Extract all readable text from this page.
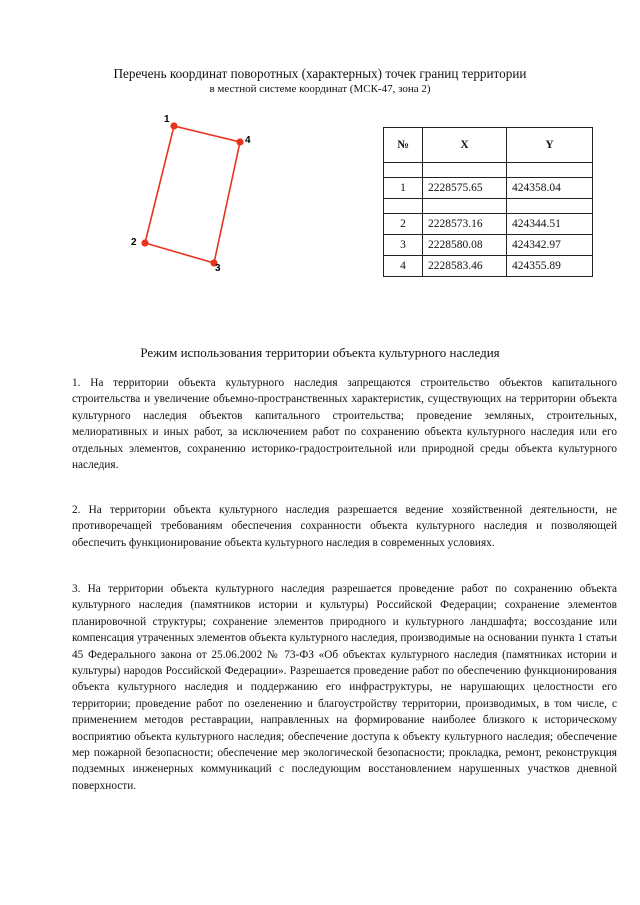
Перечень координат поворотных (характерных) точек границ территории
в местной системе координат (МСК-47, зона 2)
1
2
3
4	№	X	Y

1	2228575.65	424358.04

2	2228573.16	424344.51
3	2228580.08	424342.97
4	2228583.46	424355.89
Режим использования территории объекта культурного наследия

1. На территории объекта культурного наследия запрещаются строительство объектов капитального строительства и увеличение объемно-пространственных характеристик, существующих на территории объекта культурного наследия объектов капитального строительства; проведение земляных, строительных, мелиоративных и иных работ, за исключением работ по сохранению объекта культурного наследия или его отдельных элементов, сохранению историко-градостроительной или природной среды объекта культурного наследия.

2. На территории объекта культурного наследия разрешается ведение хозяйственной деятельности, не противоречащей требованиям обеспечения сохранности объекта культурного наследия и позволяющей обеспечить функционирование объекта культурного наследия в современных условиях.

3. На территории объекта культурного наследия разрешается проведение работ по сохранению объекта культурного наследия (памятников истории и культуры) Российской Федерации; сохранение элементов планировочной структуры; сохранение элементов природного и культурного ландшафта; воссоздание или компенсация утраченных элементов объекта культурного наследия, производимые на основании пункта 1 статьи 45 Федерального закона от 25.06.2002 № 73-ФЗ «Об объектах культурного наследия (памятниках истории и культуры) народов Российской Федерации». Разрешается проведение работ по обеспечению функционирования объекта культурного наследия и поддержанию его инфраструктуры, не нарушающих целостности его территории; проведение работ по озеленению и благоустройству территории, производимых, в том числе, с применением методов реставрации, направленных на формирование наиболее близкого к историческому восприятию объекта культурного наследия; обеспечение доступа к объекту культурного наследия; обеспечение мер пожарной безопасности; обеспечение мер экологической безопасности; прокладка, ремонт, реконструкция подземных инженерных коммуникаций с последующим восстановлением нарушенных участков дневной поверхности.
